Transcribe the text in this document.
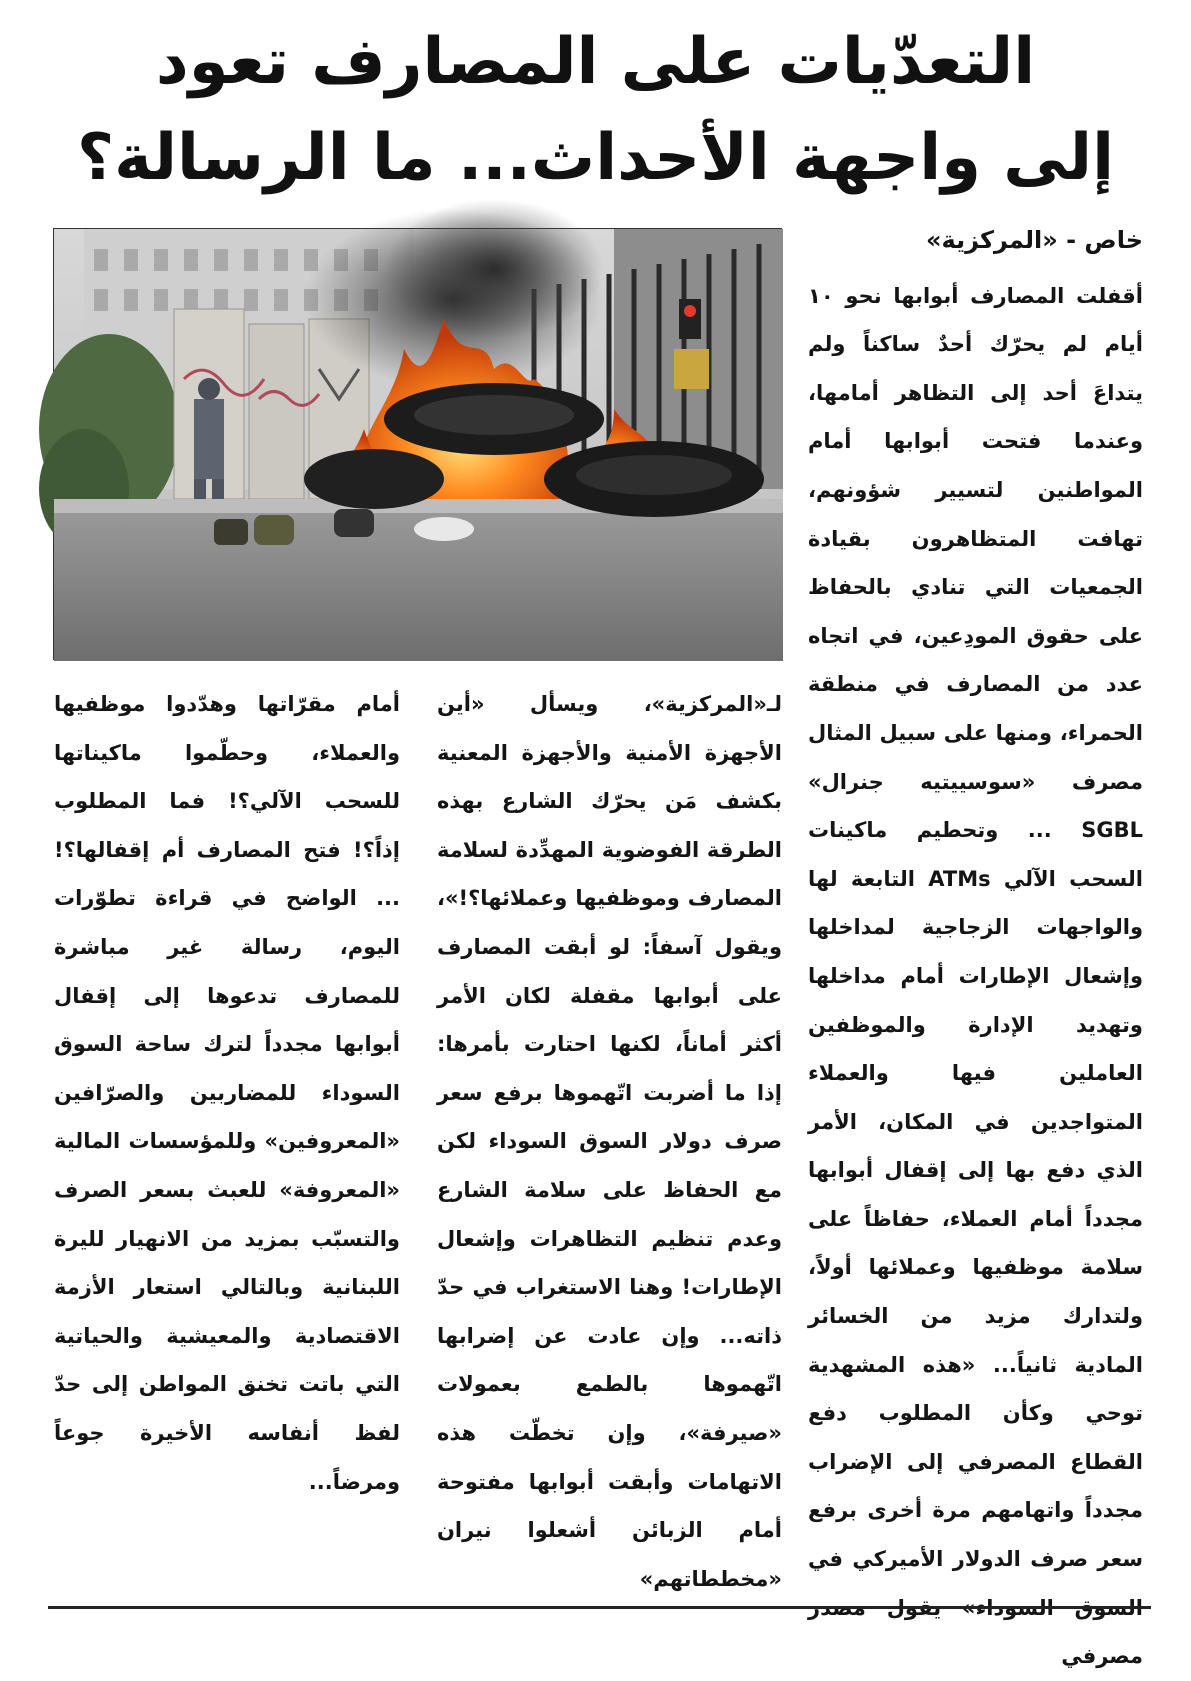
التعدّيات على المصارف تعود
إلى واجهة الأحداث... ما الرسالة؟
خاص - «المركزية»

أقفلت المصارف أبوابها نحو ١٠ أيام لم يحرّك أحدٌ ساكناً ولم يتداعَ أحد إلى التظاهر أمامها، وعندما فتحت أبوابها أمام المواطنين لتسيير شؤونهم، تهافت المتظاهرون بقيادة الجمعيات التي تنادي بالحفاظ على حقوق المودِعين، في اتجاه عدد من المصارف في منطقة الحمراء، ومنها على سبيل المثال مصرف «سوسييتيه جنرال» SGBL ... وتحطيم ماكينات السحب الآلي ATMs التابعة لها والواجهات الزجاجية لمداخلها وإشعال الإطارات أمام مداخلها وتهديد الإدارة والموظفين العاملين فيها والعملاء المتواجدين في المكان، الأمر الذي دفع بها إلى إقفال أبوابها مجدداً أمام العملاء، حفاظاً على سلامة موظفيها وعملائها أولاً، ولتدارك مزيد من الخسائر المادية ثانياً... «هذه المشهدية توحي وكأن المطلوب دفع القطاع المصرفي إلى الإضراب مجدداً واتهامهم مرة أخرى برفع سعر صرف الدولار الأميركي في السوق السوداء» يقول مصدر مصرفي

لـ«المركزية»، ويسأل «أين الأجهزة الأمنية والأجهزة المعنية بكشف مَن يحرّك الشارع بهذه الطرقة الفوضوية المهدِّدة لسلامة المصارف وموظفيها وعملائها؟!»، ويقول آسفاً: لو أبقت المصارف على أبوابها مقفلة لكان الأمر أكثر أماناً، لكنها احتارت بأمرها: إذا ما أضربت اتّهموها برفع سعر صرف دولار السوق السوداء لكن مع الحفاظ على سلامة الشارع وعدم تنظيم التظاهرات وإشعال الإطارات! وهنا الاستغراب في حدّ ذاته... وإن عادت عن إضرابها اتّهموها بالطمع بعمولات «صيرفة»، وإن تخطّت هذه الاتهامات وأبقت أبوابها مفتوحة أمام الزبائن أشعلوا نيران «مخططاتهم»

أمام مقرّاتها وهدّدوا موظفيها والعملاء، وحطّموا ماكيناتها للسحب الآلي؟! فما المطلوب إذاً؟! فتح المصارف أم إقفالها؟! ... الواضح في قراءة تطوّرات اليوم، رسالة غير مباشرة للمصارف تدعوها إلى إقفال أبوابها مجدداً لترك ساحة السوق السوداء للمضاربين والصرّافين «المعروفين» وللمؤسسات المالية «المعروفة» للعبث بسعر الصرف والتسبّب بمزيد من الانهيار لليرة اللبنانية وبالتالي استعار الأزمة الاقتصادية والمعيشية والحياتية التي باتت تخنق المواطن إلى حدّ لفظ أنفاسه الأخيرة جوعاً ومرضاً...
